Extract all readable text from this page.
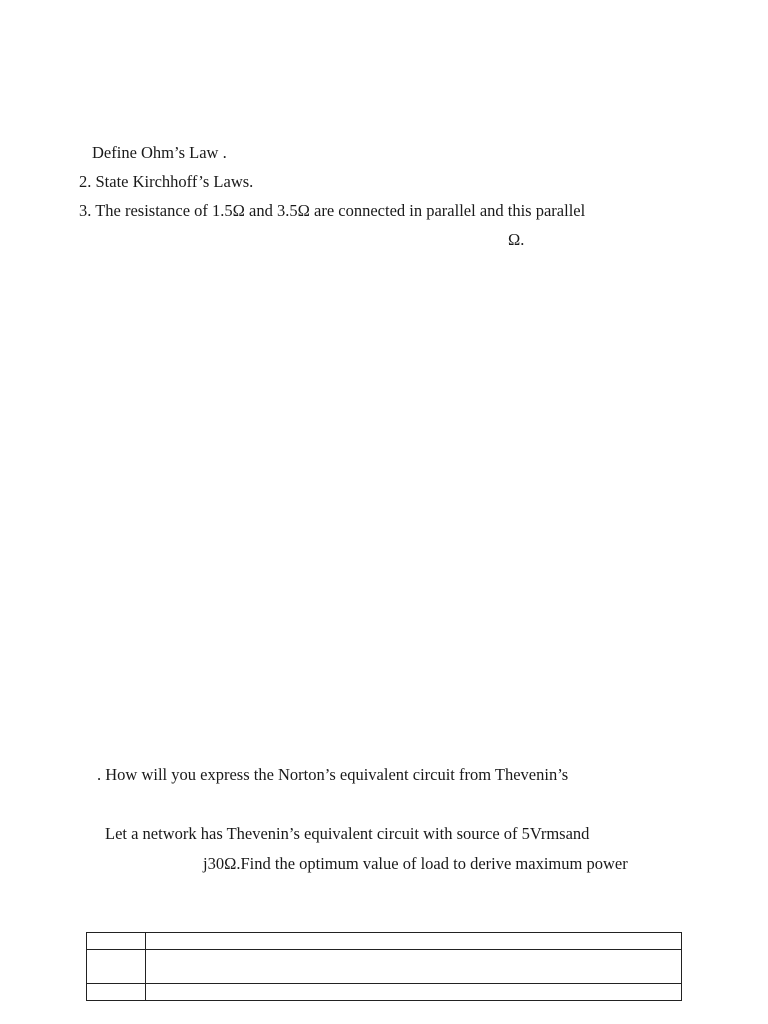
Define Ohm’s Law .
2. State Kirchhoff’s Laws.
3. The resistance of 1.5Ω and 3.5Ω are connected in parallel and this parallel
Ω.
. How will you express the Norton’s equivalent circuit from Thevenin’s
Let a network has Thevenin’s equivalent circuit with source of 5Vrmsand
j30Ω.Find the optimum value of load to derive maximum power
